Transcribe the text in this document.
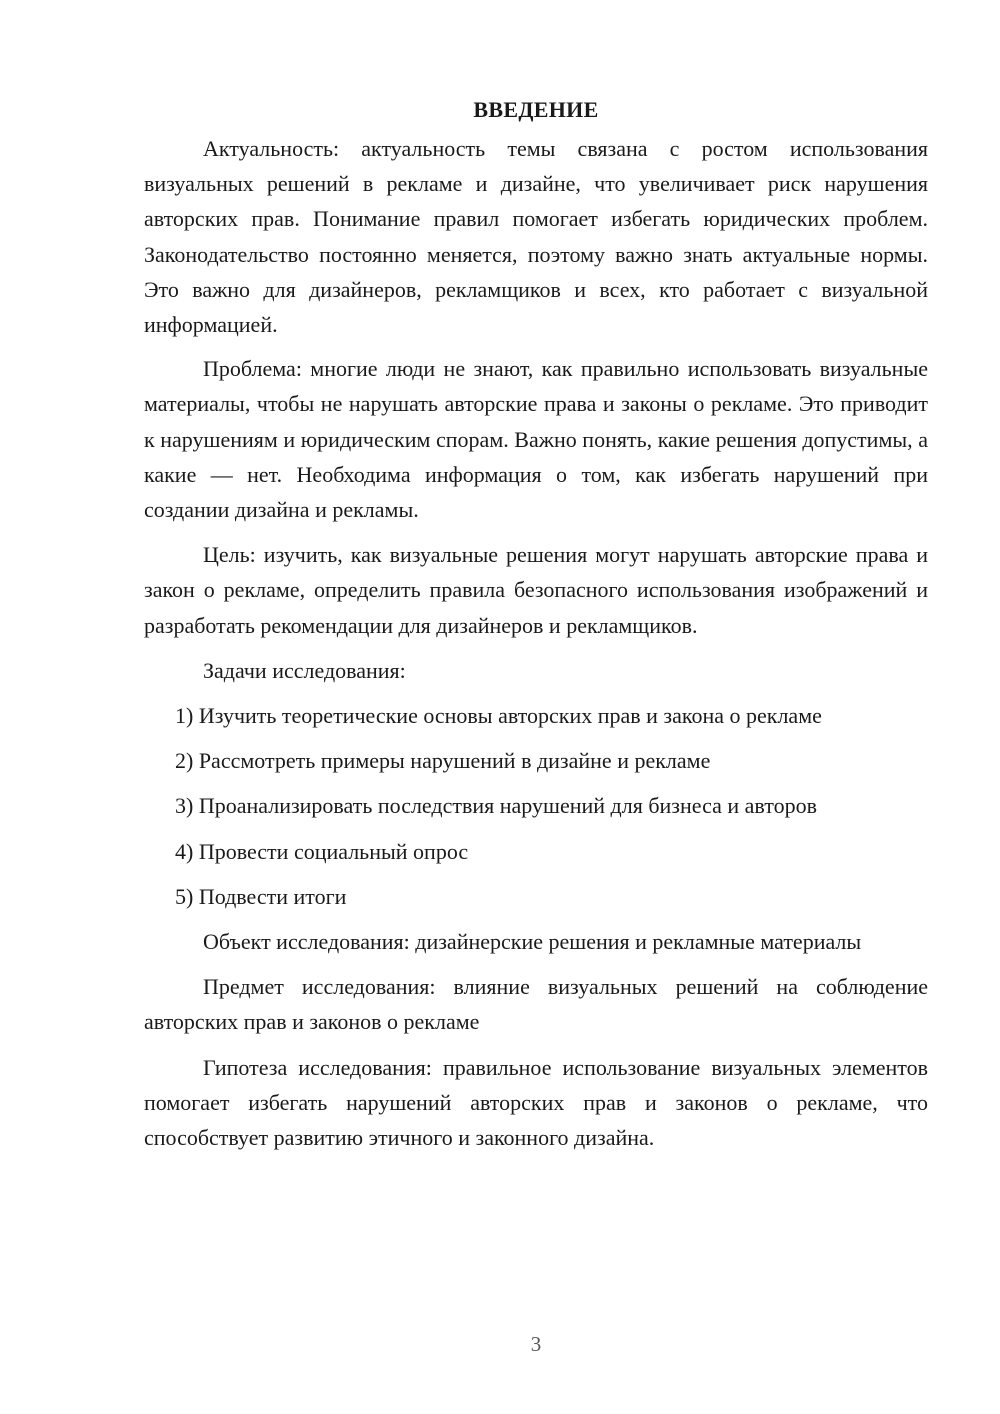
ВВЕДЕНИЕ

Актуальность: актуальность темы связана с ростом использования визуальных решений в рекламе и дизайне, что увеличивает риск нарушения авторских прав. Понимание правил помогает избегать юридических проблем. Законодательство постоянно меняется, поэтому важно знать актуальные нормы. Это важно для дизайнеров, рекламщиков и всех, кто работает с визуальной информацией.

Проблема: многие люди не знают, как правильно использовать визуальные материалы, чтобы не нарушать авторские права и законы о рекламе. Это приводит к нарушениям и юридическим спорам. Важно понять, какие решения допустимы, а какие — нет. Необходима информация о том, как избегать нарушений при создании дизайна и рекламы.

Цель: изучить, как визуальные решения могут нарушать авторские права и закон о рекламе, определить правила безопасного использования изображений и разработать рекомендации для дизайнеров и рекламщиков.

Задачи исследования:

1) Изучить теоретические основы авторских прав и закона о рекламе
2) Рассмотреть примеры нарушений в дизайне и рекламе
3) Проанализировать последствия нарушений для бизнеса и авторов
4) Провести социальный опрос
5) Подвести итоги

Объект исследования: дизайнерские решения и рекламные материалы

Предмет исследования: влияние визуальных решений на соблюдение авторских прав и законов о рекламе

Гипотеза исследования: правильное использование визуальных элементов помогает избегать нарушений авторских прав и законов о рекламе, что способствует развитию этичного и законного дизайна.

3
